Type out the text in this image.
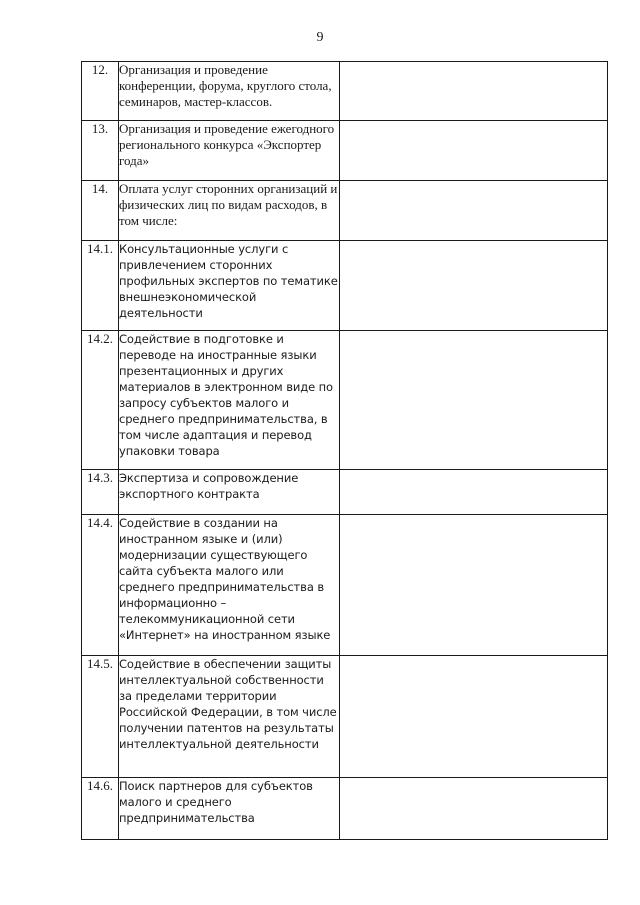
9
12.	Организация и проведение конференции, форума, круглого стола, семинаров, мастер-классов.	
13.	Организация и проведение ежегодного регионального конкурса «Экспортер года»	
14.	Оплата услуг сторонних организаций и физических лиц по видам расходов, в том числе:	
14.1.	Консультационные услуги с привлечением сторонних профильных экспертов по тематике внешнеэкономической деятельности	
14.2.	Содействие в подготовке и переводе на иностранные языки презентационных и других материалов в электронном виде по запросу субъектов малого и среднего предпринимательства, в том числе адаптация и перевод упаковки товара	
14.3.	Экспертиза и сопровождение экспортного контракта	
14.4.	Содействие в создании на иностранном языке и (или) модернизации существующего сайта субъекта малого или среднего предпринимательства в информационно – телекоммуникационной сети «Интернет» на иностранном языке	
14.5.	Содействие в обеспечении защиты интеллектуальной собственности за пределами территории Российской Федерации, в том числе получении патентов на результаты интеллектуальной деятельности	
14.6.	Поиск партнеров для субъектов малого и среднего предпринимательства	
